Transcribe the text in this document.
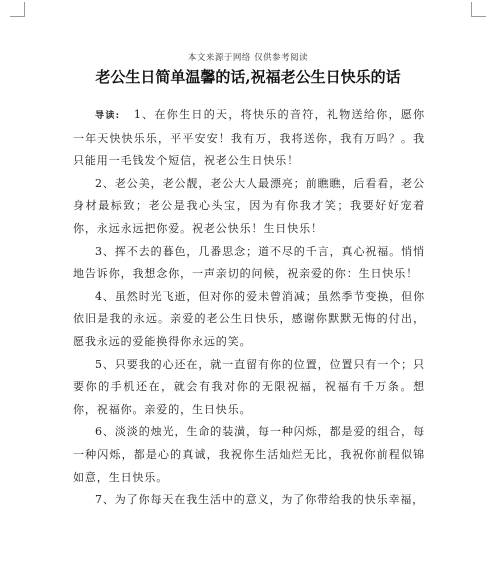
本文来源于网络 仅供参考阅读
老公生日简单温馨的话,祝福老公生日快乐的话

导读: 1、在你生日的天，将快乐的音符，礼物送给你，愿你一年天快快乐乐，平平安安！我有万，我将送你，我有万吗？。我只能用一毛钱发个短信，祝老公生日快乐！

2、老公美，老公靓，老公大人最漂亮；前瞧瞧，后看看，老公身材最标致；老公是我心头宝，因为有你我才笑；我要好好宠着你，永远永远把你爱。祝老公快乐！生日快乐！

3、挥不去的暮色，几番思念；道不尽的千言，真心祝福。悄悄地告诉你，我想念你，一声亲切的问候，祝亲爱的你：生日快乐！

4、虽然时光飞逝，但对你的爱未曾消减；虽然季节变换，但你依旧是我的永远。亲爱的老公生日快乐，感谢你默默无悔的付出，愿我永远的爱能换得你永远的笑。

5、只要我的心还在，就一直留有你的位置，位置只有一个；只要你的手机还在，就会有我对你的无限祝福，祝福有千万条。想你，祝福你。亲爱的，生日快乐。

6、淡淡的烛光，生命的装潢，每一种闪烁，都是爱的组合，每一种闪烁，都是心的真诚，我祝你生活灿烂无比，我祝你前程似锦如意，生日快乐。

7、为了你每天在我生活中的意义，为了你带给我的快乐幸福，
